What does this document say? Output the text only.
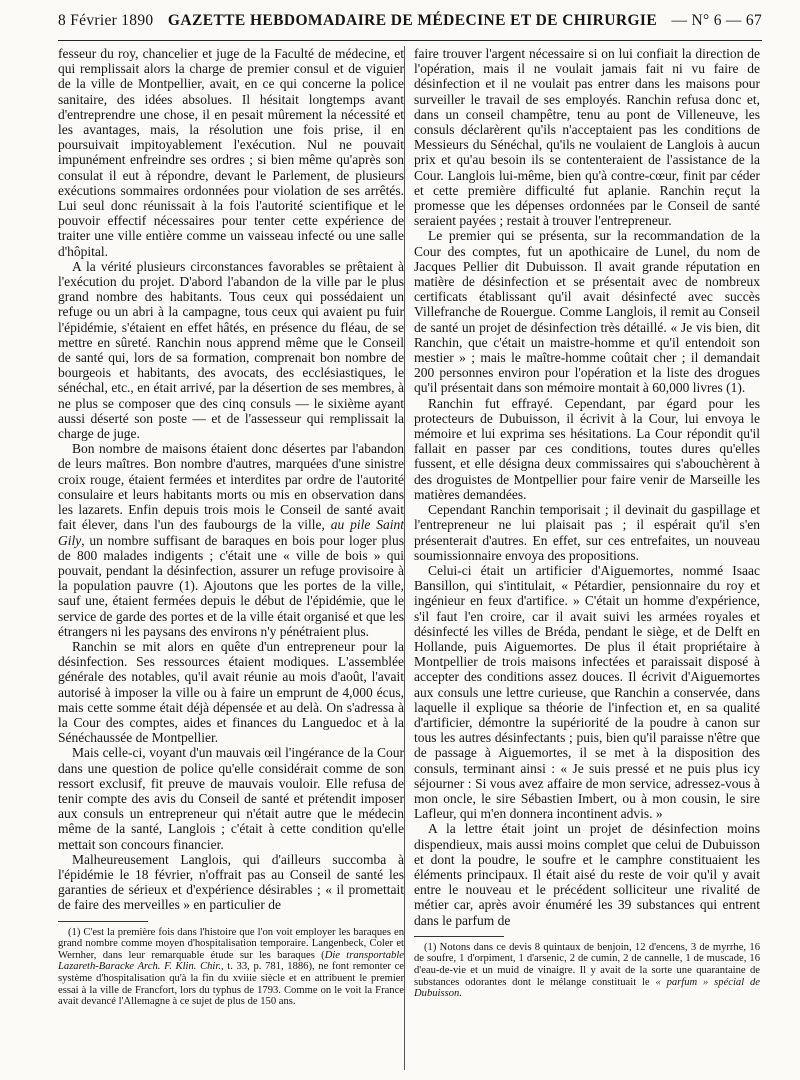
8 Février 1890 GAZETTE HEBDOMADAIRE DE MÉDECINE ET DE CHIRURGIE — N° 6 — 67

fesseur du roy, chancelier et juge de la Faculté de médecine, et qui remplissait alors la charge de premier consul et de viguier de la ville de Montpellier, avait, en ce qui concerne la police sanitaire, des idées absolues. Il hésitait longtemps avant d'entreprendre une chose, il en pesait mûrement la nécessité et les avantages, mais, la résolution une fois prise, il en poursuivait impitoyablement l'exécution. Nul ne pouvait impunément enfreindre ses ordres ; si bien même qu'après son consulat il eut à répondre, devant le Parlement, de plusieurs exécutions sommaires ordonnées pour violation de ses arrêtés. Lui seul donc réunissait à la fois l'autorité scientifique et le pouvoir effectif nécessaires pour tenter cette expérience de traiter une ville entière comme un vaisseau infecté ou une salle d'hôpital.

A la vérité plusieurs circonstances favorables se prêtaient à l'exécution du projet. D'abord l'abandon de la ville par le plus grand nombre des habitants. Tous ceux qui possédaient un refuge ou un abri à la campagne, tous ceux qui avaient pu fuir l'épidémie, s'étaient en effet hâtés, en présence du fléau, de se mettre en sûreté. Ranchin nous apprend même que le Conseil de santé qui, lors de sa formation, comprenait bon nombre de bourgeois et habitants, des avocats, des ecclésiastiques, le sénéchal, etc., en était arrivé, par la désertion de ses membres, à ne plus se composer que des cinq consuls — le sixième ayant aussi déserté son poste — et de l'assesseur qui remplissait la charge de juge.

Bon nombre de maisons étaient donc désertes par l'abandon de leurs maîtres. Bon nombre d'autres, marquées d'une sinistre croix rouge, étaient fermées et interdites par ordre de l'autorité consulaire et leurs habitants morts ou mis en observation dans les lazarets. Enfin depuis trois mois le Conseil de santé avait fait élever, dans l'un des faubourgs de la ville, au pile Saint Gily, un nombre suffisant de baraques en bois pour loger plus de 800 malades indigents ; c'était une « ville de bois » qui pouvait, pendant la désinfection, assurer un refuge provisoire à la population pauvre (1). Ajoutons que les portes de la ville, sauf une, étaient fermées depuis le début de l'épidémie, que le service de garde des portes et de la ville était organisé et que les étrangers ni les paysans des environs n'y pénétraient plus.

Ranchin se mit alors en quête d'un entrepreneur pour la désinfection. Ses ressources étaient modiques. L'assemblée générale des notables, qu'il avait réunie au mois d'août, l'avait autorisé à imposer la ville ou à faire un emprunt de 4,000 écus, mais cette somme était déjà dépensée et au delà. On s'adressa à la Cour des comptes, aides et finances du Languedoc et à la Sénéchaussée de Montpellier.

Mais celle-ci, voyant d'un mauvais œil l'ingérance de la Cour dans une question de police qu'elle considérait comme de son ressort exclusif, fit preuve de mauvais vouloir. Elle refusa de tenir compte des avis du Conseil de santé et prétendit imposer aux consuls un entrepreneur qui n'était autre que le médecin même de la santé, Langlois ; c'était à cette condition qu'elle mettait son concours financier.

Malheureusement Langlois, qui d'ailleurs succomba à l'épidémie le 18 février, n'offrait pas au Conseil de santé les garanties de sérieux et d'expérience désirables ; « il promettait de faire des merveilles » en particulier de

(1) C'est la première fois dans l'histoire que l'on voit employer les baraques en grand nombre comme moyen d'hospitalisation temporaire. Langenbeck, Coler et Wernher, dans leur remarquable étude sur les baraques (Die transportable Lazareth-Baracke Arch. F. Klin. Chir., t. 33, p. 781, 1886), ne font remonter ce système d'hospitalisation qu'à la fin du xviiie siècle et en attribuent le premier essai à la ville de Francfort, lors du typhus de 1793. Comme on le voit la France avait devancé l'Allemagne à ce sujet de plus de 150 ans.

faire trouver l'argent nécessaire si on lui confiait la direction de l'opération, mais il ne voulait jamais fait ni vu faire de désinfection et il ne voulait pas entrer dans les maisons pour surveiller le travail de ses employés. Ranchin refusa donc et, dans un conseil champêtre, tenu au pont de Villeneuve, les consuls déclarèrent qu'ils n'acceptaient pas les conditions de Messieurs du Sénéchal, qu'ils ne voulaient de Langlois à aucun prix et qu'au besoin ils se contenteraient de l'assistance de la Cour. Langlois lui-même, bien qu'à contre-cœur, finit par céder et cette première difficulté fut aplanie. Ranchin reçut la promesse que les dépenses ordonnées par le Conseil de santé seraient payées ; restait à trouver l'entrepreneur.

Le premier qui se présenta, sur la recommandation de la Cour des comptes, fut un apothicaire de Lunel, du nom de Jacques Pellier dit Dubuisson. Il avait grande réputation en matière de désinfection et se présentait avec de nombreux certificats établissant qu'il avait désinfecté avec succès Villefranche de Rouergue. Comme Langlois, il remit au Conseil de santé un projet de désinfection très détaillé. « Je vis bien, dit Ranchin, que c'était un maistre-homme et qu'il entendoit son mestier » ; mais le maître-homme coûtait cher ; il demandait 200 personnes environ pour l'opération et la liste des drogues qu'il présentait dans son mémoire montait à 60,000 livres (1).

Ranchin fut effrayé. Cependant, par égard pour les protecteurs de Dubuisson, il écrivit à la Cour, lui envoya le mémoire et lui exprima ses hésitations. La Cour répondit qu'il fallait en passer par ces conditions, toutes dures qu'elles fussent, et elle désigna deux commissaires qui s'abouchèrent à des droguistes de Montpellier pour faire venir de Marseille les matières demandées.

Cependant Ranchin temporisait ; il devinait du gaspillage et l'entrepreneur ne lui plaisait pas ; il espérait qu'il s'en présenterait d'autres. En effet, sur ces entrefaites, un nouveau soumissionnaire envoya des propositions.

Celui-ci était un artificier d'Aiguemortes, nommé Isaac Bansillon, qui s'intitulait, « Pétardier, pensionnaire du roy et ingénieur en feux d'artifice. » C'était un homme d'expérience, s'il faut l'en croire, car il avait suivi les armées royales et désinfecté les villes de Bréda, pendant le siège, et de Delft en Hollande, puis Aiguemortes. De plus il était propriétaire à Montpellier de trois maisons infectées et paraissait disposé à accepter des conditions assez douces. Il écrivit d'Aiguemortes aux consuls une lettre curieuse, que Ranchin a conservée, dans laquelle il explique sa théorie de l'infection et, en sa qualité d'artificier, démontre la supériorité de la poudre à canon sur tous les autres désinfectants ; puis, bien qu'il paraisse n'être que de passage à Aiguemortes, il se met à la disposition des consuls, terminant ainsi : « Je suis pressé et ne puis plus icy séjourner : Si vous avez affaire de mon service, adressez-vous à mon oncle, le sire Sébastien Imbert, ou à mon cousin, le sire Lafleur, qui m'en donnera incontinent advis. »

A la lettre était joint un projet de désinfection moins dispendieux, mais aussi moins complet que celui de Dubuisson et dont la poudre, le soufre et le camphre constituaient les éléments principaux. Il était aisé du reste de voir qu'il y avait entre le nouveau et le précédent solliciteur une rivalité de métier car, après avoir énuméré les 39 substances qui entrent dans le parfum de

(1) Notons dans ce devis 8 quintaux de benjoin, 12 d'encens, 3 de myrrhe, 16 de soufre, 1 d'orpiment, 1 d'arsenic, 2 de cumin, 2 de cannelle, 1 de muscade, 16 d'eau-de-vie et un muid de vinaigre. Il y avait de la sorte une quarantaine de substances odorantes dont le mélange constituait le « parfum » spécial de Dubuisson.
